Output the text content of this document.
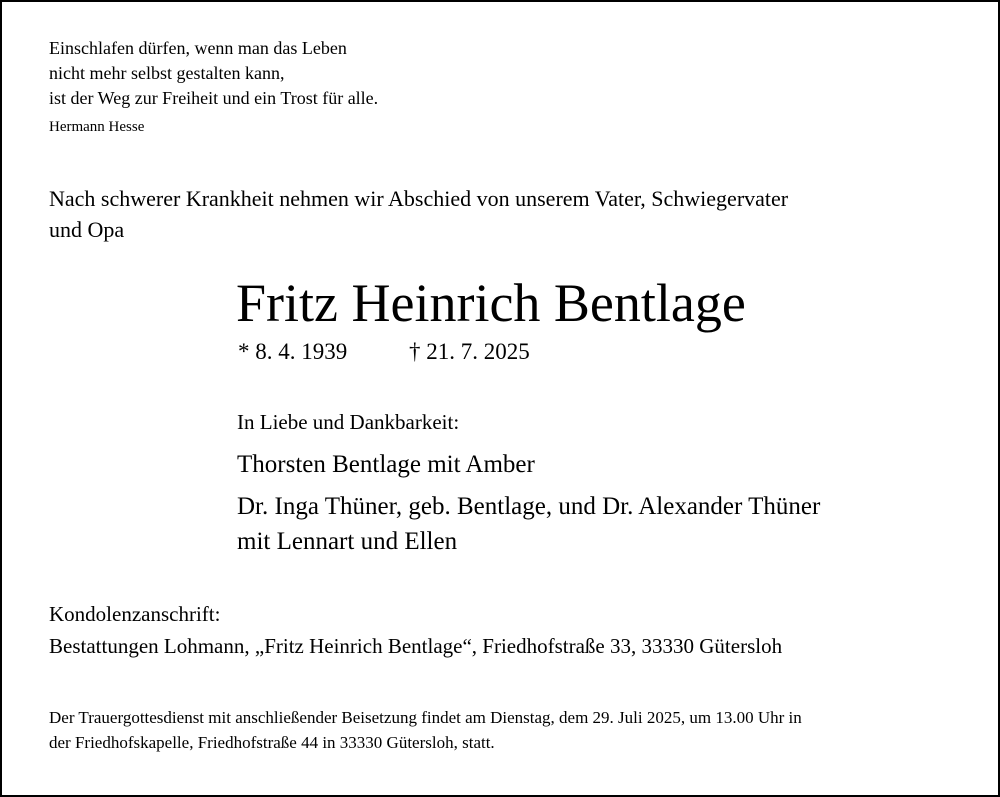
Einschlafen dürfen, wenn man das Leben
nicht mehr selbst gestalten kann,
ist der Weg zur Freiheit und ein Trost für alle.
Hermann Hesse
Nach schwerer Krankheit nehmen wir Abschied von unserem Vater, Schwiegervater
und Opa
Fritz Heinrich Bentlage
* 8. 4. 1939	† 21. 7. 2025
In Liebe und Dankbarkeit:
Thorsten Bentlage mit Amber
Dr. Inga Thüner, geb. Bentlage, und Dr. Alexander Thüner
mit Lennart und Ellen
Kondolenzanschrift:
Bestattungen Lohmann, „Fritz Heinrich Bentlage“, Friedhofstraße 33, 33330 Gütersloh
Der Trauergottesdienst mit anschließender Beisetzung findet am Dienstag, dem 29. Juli 2025, um 13.00 Uhr in
der Friedhofskapelle, Friedhofstraße 44 in 33330 Gütersloh, statt.
